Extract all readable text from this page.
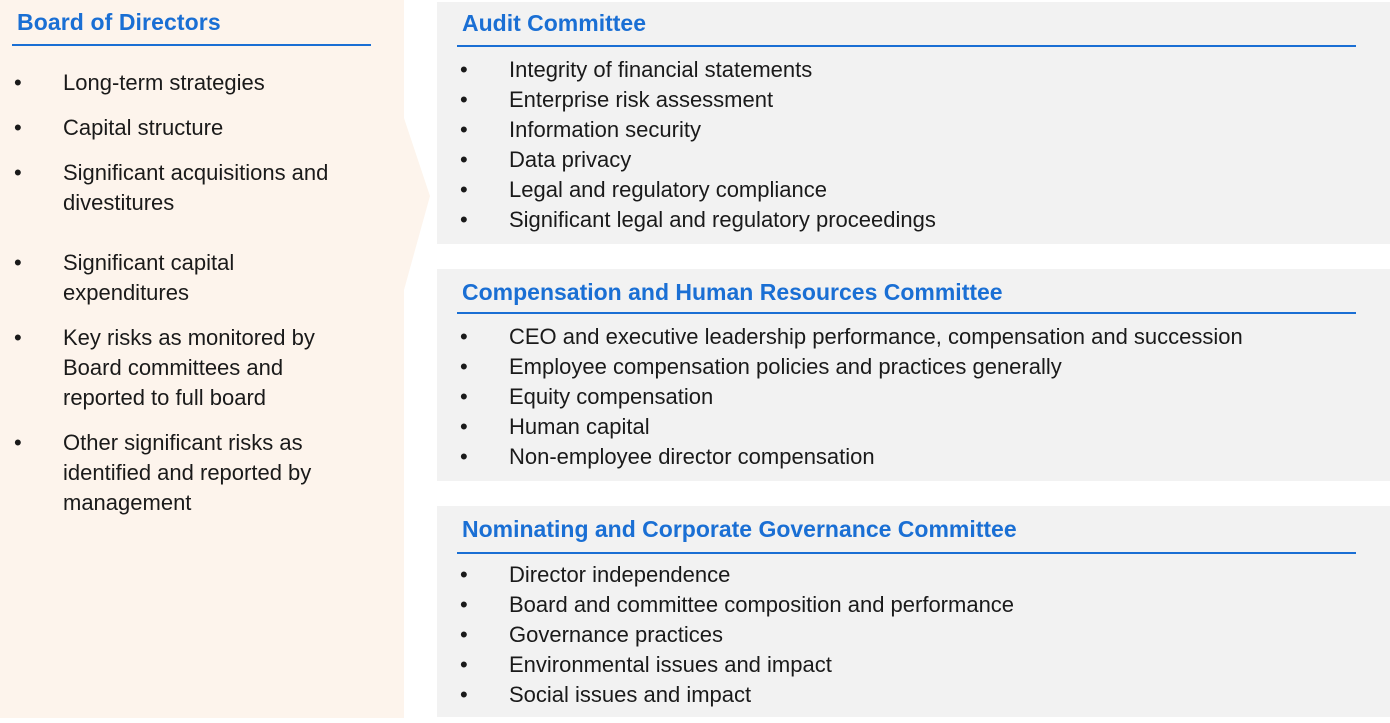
Board of Directors
• Long-term strategies
• Capital structure
• Significant acquisitions and divestitures
• Significant capital expenditures
• Key risks as monitored by Board committees and reported to full board
• Other significant risks as identified and reported by management
Audit Committee
• Integrity of financial statements
• Enterprise risk assessment
• Information security
• Data privacy
• Legal and regulatory compliance
• Significant legal and regulatory proceedings
Compensation and Human Resources Committee
• CEO and executive leadership performance, compensation and succession
• Employee compensation policies and practices generally
• Equity compensation
• Human capital
• Non-employee director compensation
Nominating and Corporate Governance Committee
• Director independence
• Board and committee composition and performance
• Governance practices
• Environmental issues and impact
• Social issues and impact
